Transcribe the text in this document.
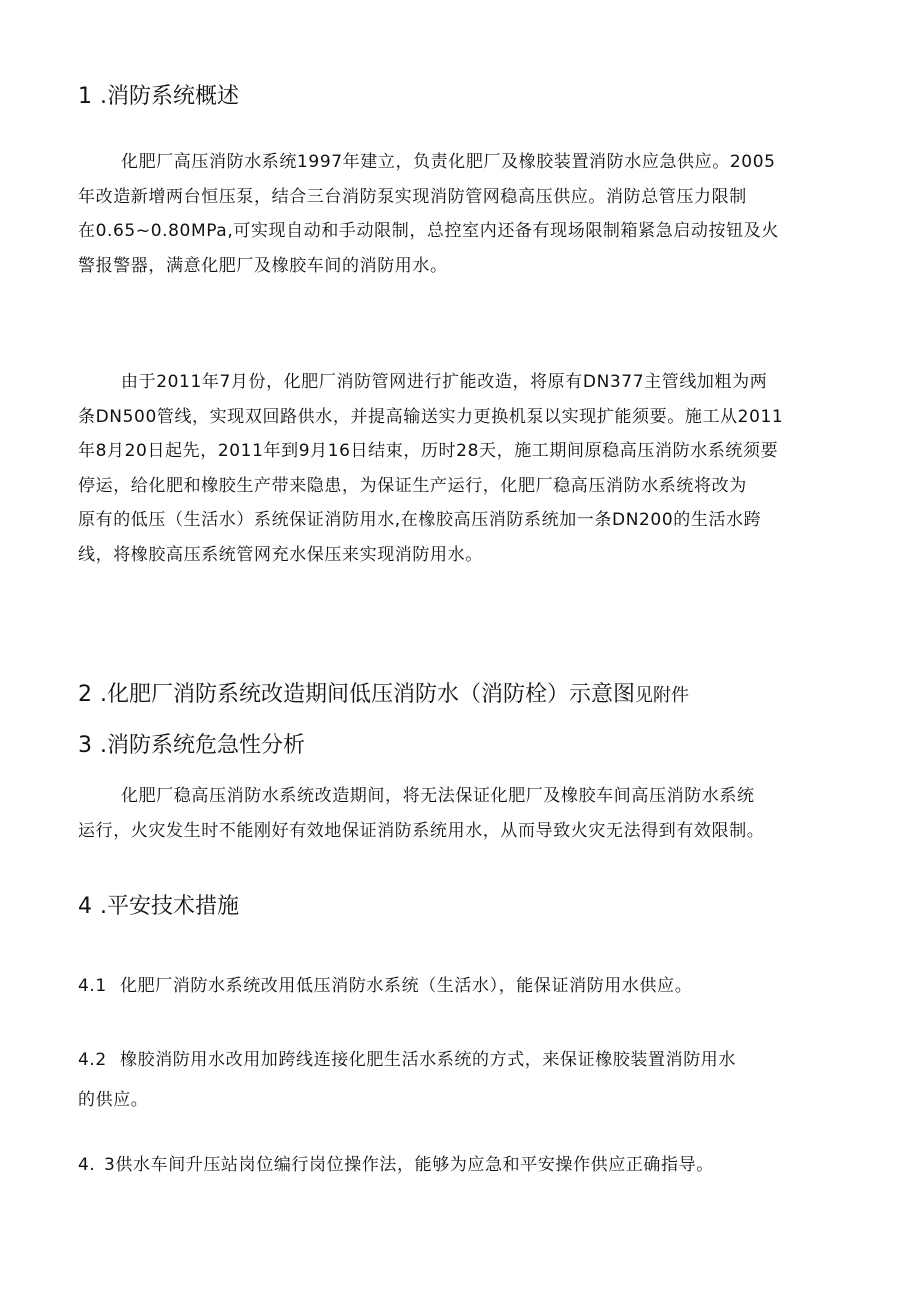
1 .消防系统概述
化肥厂高压消防水系统1997年建立，负责化肥厂及橡胶装置消防水应急供应。2005
年改造新增两台恒压泵，结合三台消防泵实现消防管网稳高压供应。消防总管压力限制
在0.65~0.80MPa,可实现自动和手动限制，总控室内还备有现场限制箱紧急启动按钮及火
警报警器，满意化肥厂及橡胶车间的消防用水。
由于2011年7月份，化肥厂消防管网进行扩能改造，将原有DN377主管线加粗为两
条DN500管线，实现双回路供水，并提高输送实力更换机泵以实现扩能须要。施工从2011
年8月20日起先，2011年到9月16日结束，历时28天，施工期间原稳高压消防水系统须要
停运，给化肥和橡胶生产带来隐患，为保证生产运行，化肥厂稳高压消防水系统将改为
原有的低压（生活水）系统保证消防用水,在橡胶高压消防系统加一条DN200的生活水跨
线，将橡胶高压系统管网充水保压来实现消防用水。
2 .化肥厂消防系统改造期间低压消防水（消防栓）示意图见附件
3 .消防系统危急性分析
化肥厂稳高压消防水系统改造期间，将无法保证化肥厂及橡胶车间高压消防水系统
运行，火灾发生时不能刚好有效地保证消防系统用水，从而导致火灾无法得到有效限制。
4 .平安技术措施
4.1 化肥厂消防水系统改用低压消防水系统（生活水），能保证消防用水供应。
4.2 橡胶消防用水改用加跨线连接化肥生活水系统的方式，来保证橡胶装置消防用水
的供应。
4. 3供水车间升压站岗位编行岗位操作法，能够为应急和平安操作供应正确指导。
